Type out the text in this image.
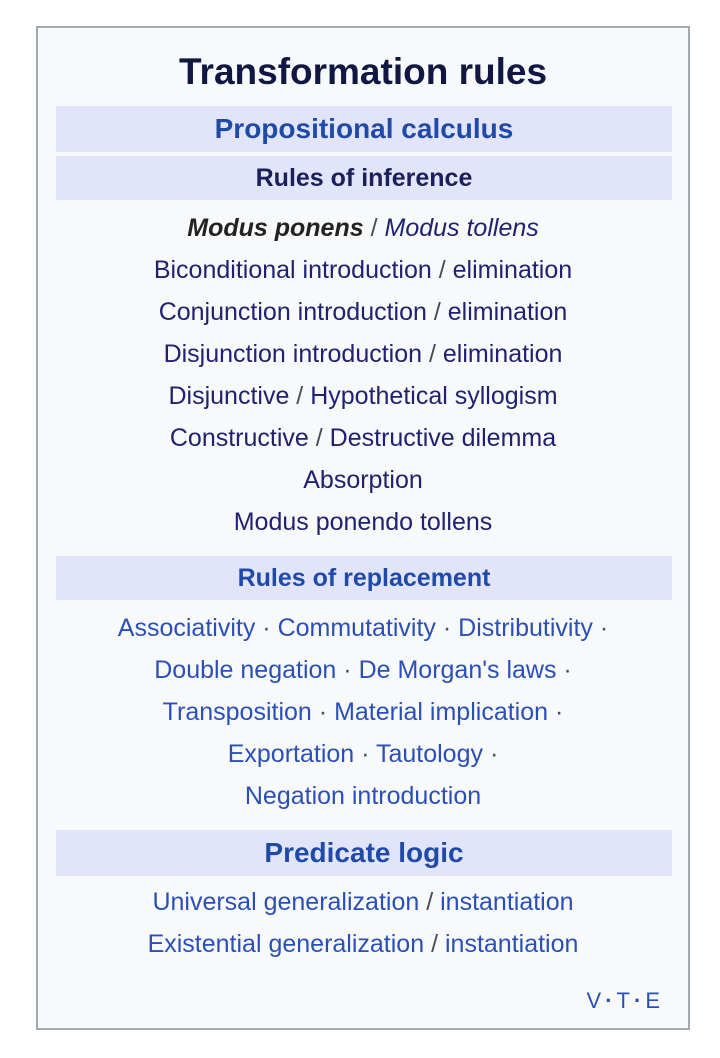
Transformation rules
Propositional calculus
Rules of inference
Modus ponens / Modus tollens
Biconditional introduction / elimination
Conjunction introduction / elimination
Disjunction introduction / elimination
Disjunctive / Hypothetical syllogism
Constructive / Destructive dilemma
Absorption
Modus ponendo tollens
Rules of replacement
Associativity · Commutativity · Distributivity ·
Double negation · De Morgan's laws ·
Transposition · Material implication ·
Exportation · Tautology ·
Negation introduction
Predicate logic
Universal generalization / instantiation
Existential generalization / instantiation
V · T · E
